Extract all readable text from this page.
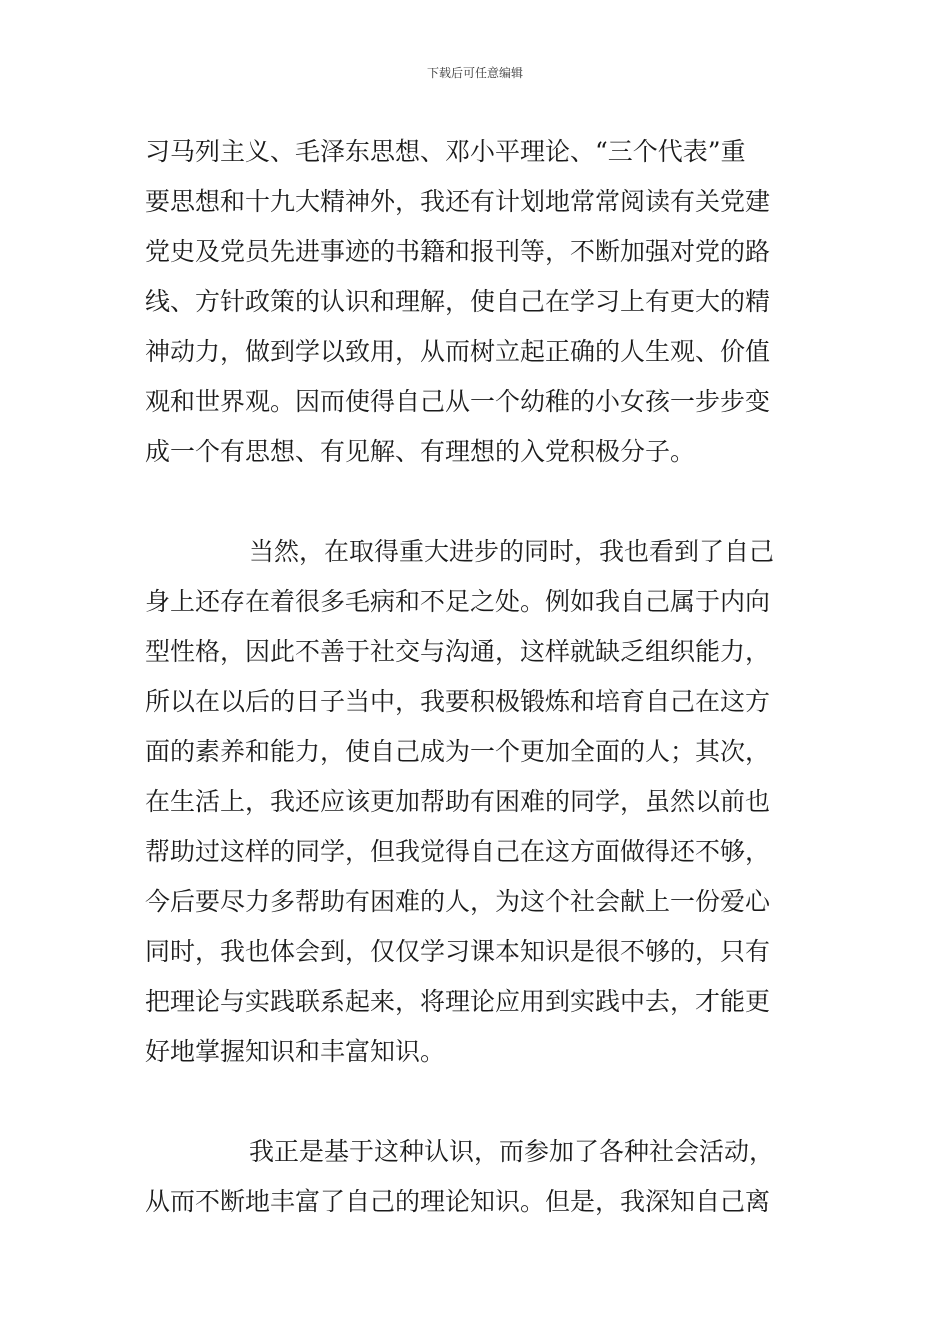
下载后可任意编辑
习马列主义、毛泽东思想、邓小平理论、“三个代表”重
要思想和十九大精神外，我还有计划地常常阅读有关党建
党史及党员先进事迹的书籍和报刊等，不断加强对党的路
线、方针政策的认识和理解，使自己在学习上有更大的精
神动力，做到学以致用，从而树立起正确的人生观、价值
观和世界观。因而使得自己从一个幼稚的小女孩一步步变
成一个有思想、有见解、有理想的入党积极分子。
当然，在取得重大进步的同时，我也看到了自己
身上还存在着很多毛病和不足之处。例如我自己属于内向
型性格，因此不善于社交与沟通，这样就缺乏组织能力，
所以在以后的日子当中，我要积极锻炼和培育自己在这方
面的素养和能力，使自己成为一个更加全面的人；其次，
在生活上，我还应该更加帮助有困难的同学，虽然以前也
帮助过这样的同学，但我觉得自己在这方面做得还不够，
今后要尽力多帮助有困难的人，为这个社会献上一份爱心
同时，我也体会到，仅仅学习课本知识是很不够的，只有
把理论与实践联系起来，将理论应用到实践中去，才能更
好地掌握知识和丰富知识。
我正是基于这种认识，而参加了各种社会活动，
从而不断地丰富了自己的理论知识。但是，我深知自己离
